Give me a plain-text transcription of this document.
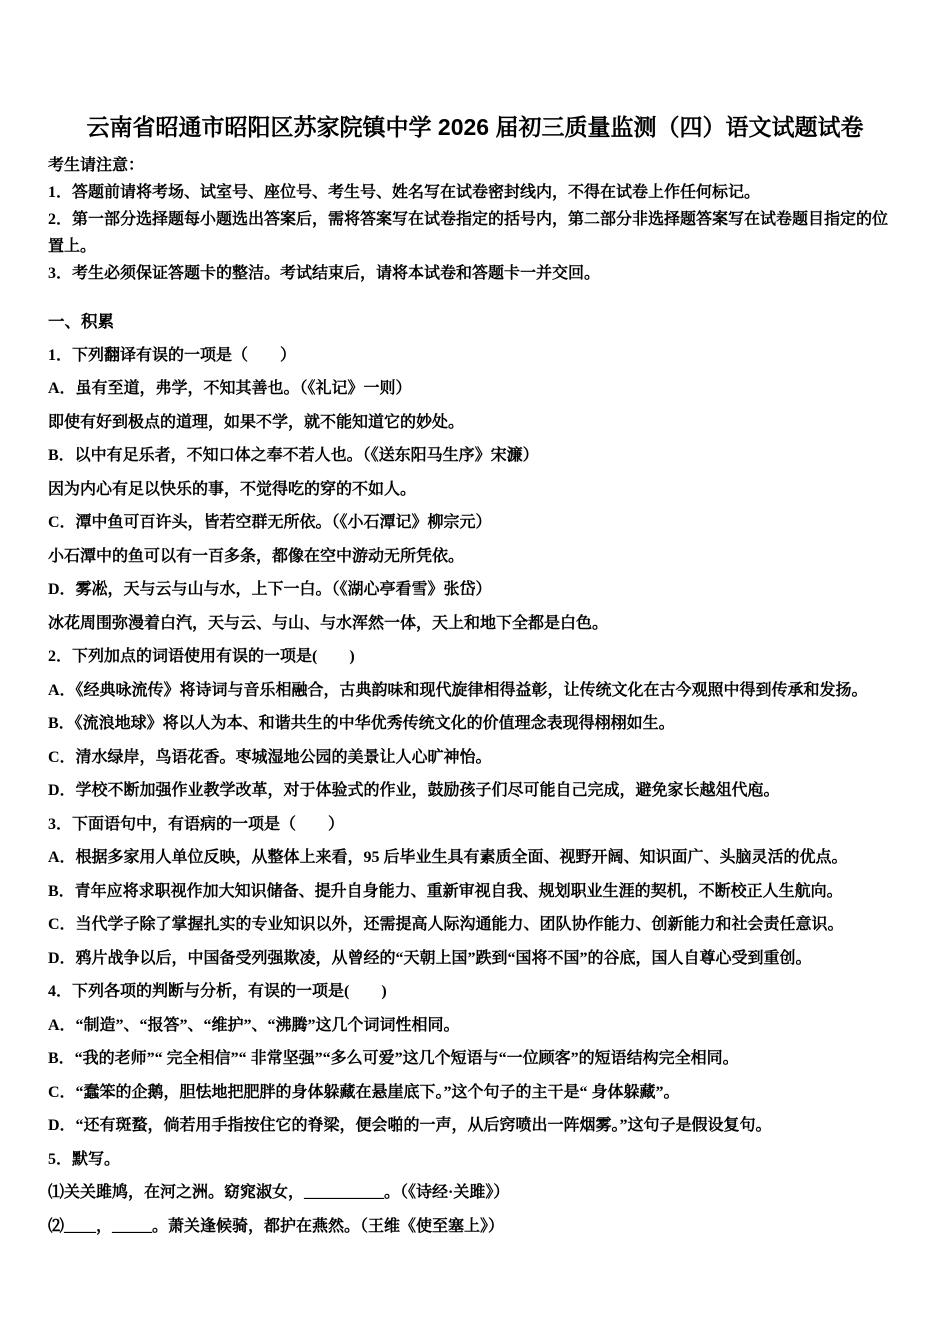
云南省昭通市昭阳区苏家院镇中学 2026 届初三质量监测（四）语文试题试卷

考生请注意：

1．答题前请将考场、试室号、座位号、考生号、姓名写在试卷密封线内，不得在试卷上作任何标记。

2．第一部分选择题每小题选出答案后，需将答案写在试卷指定的括号内，第二部分非选择题答案写在试卷题目指定的位置上。

3．考生必须保证答题卡的整洁。考试结束后，请将本试卷和答题卡一并交回。

一、积累

1．下列翻译有误的一项是（　　）

A．虽有至道，弗学，不知其善也。（《礼记》一则）

即使有好到极点的道理，如果不学，就不能知道它的妙处。

B．以中有足乐者，不知口体之奉不若人也。（《送东阳马生序》宋濂）

因为内心有足以快乐的事，不觉得吃的穿的不如人。

C．潭中鱼可百许头，皆若空群无所依。（《小石潭记》柳宗元）

小石潭中的鱼可以有一百多条，都像在空中游动无所凭依。

D．雾凇，天与云与山与水，上下一白。（《湖心亭看雪》张岱）

冰花周围弥漫着白汽，天与云、与山、与水浑然一体，天上和地下全都是白色。

2．下列加点的词语使用有误的一项是(　　)

A．《经典咏流传》将诗词与音乐相融合，古典韵味和现代旋律相得益彰，让传统文化在古今观照中得到传承和发扬。

B．《流浪地球》将以人为本、和谐共生的中华优秀传统文化的价值理念表现得栩栩如生。

C．清水绿岸，鸟语花香。枣城湿地公园的美景让人心旷神怡。

D．学校不断加强作业教学改革，对于体验式的作业，鼓励孩子们尽可能自己完成，避免家长越俎代庖。

3．下面语句中，有语病的一项是（　　）

A．根据多家用人单位反映，从整体上来看，95 后毕业生具有素质全面、视野开阔、知识面广、头脑灵活的优点。

B．青年应将求职视作加大知识储备、提升自身能力、重新审视自我、规划职业生涯的契机，不断校正人生航向。

C．当代学子除了掌握扎实的专业知识以外，还需提高人际沟通能力、团队协作能力、创新能力和社会责任意识。

D．鸦片战争以后，中国备受列强欺凌，从曾经的“天朝上国”跌到“国将不国”的谷底，国人自尊心受到重创。

4．下列各项的判断与分析，有误的一项是(　　)

A．“制造”、“报答”、“维护”、“沸腾”这几个词词性相同。

B．“我的老师”“ 完全相信”“ 非常坚强”“多么可爱”这几个短语与“一位顾客”的短语结构完全相同。

C．“蠢笨的企鹅，胆怯地把肥胖的身体躲藏在悬崖底下。”这个句子的主干是“ 身体躲藏”。

D．“还有斑蝥，倘若用手指按住它的脊梁，便会啪的一声，从后窍喷出一阵烟雾。”这句子是假设复句。

5．默写。

⑴关关雎鸠，在河之洲。窈窕淑女，__________。（《诗经·关雎》）

⑵____，_____。萧关逢候骑，都护在燕然。（王维《使至塞上》）
